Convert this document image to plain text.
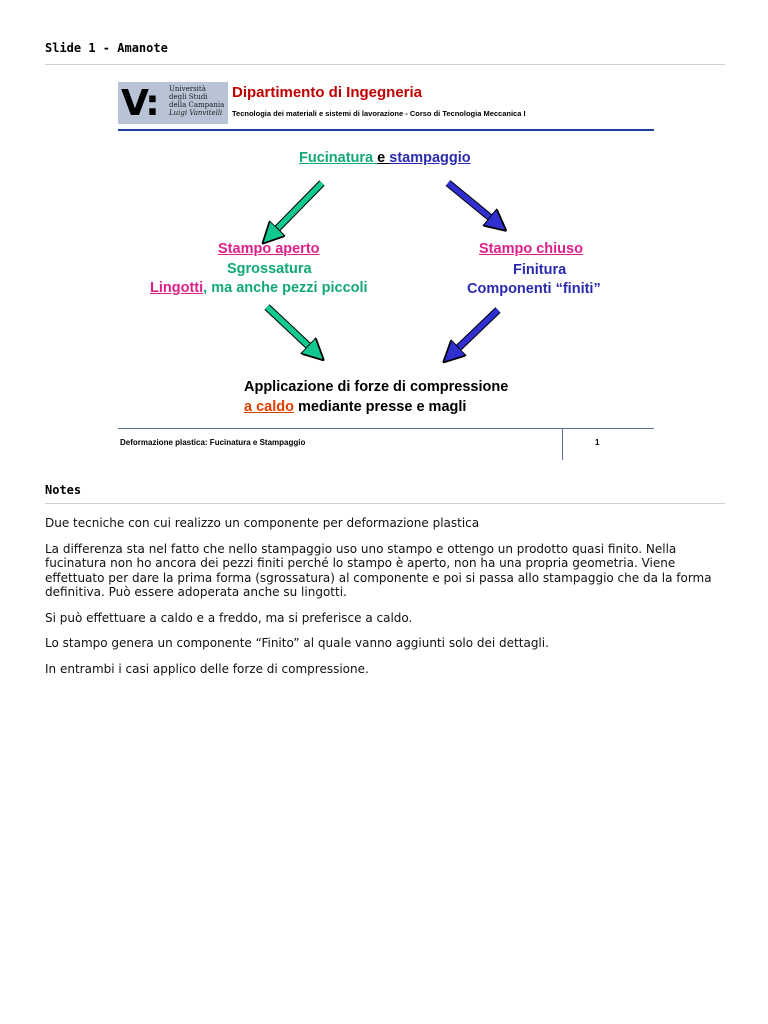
Slide 1 - Amanote
V: Università
degli Studi
della Campania
Luigi Vanvitelli
Dipartimento di Ingegneria
Tecnologia dei materiali e sistemi di lavorazione - Corso di Tecnologia Meccanica I
Fucinatura e stampaggio
Stampo aperto
Sgrossatura
Lingotti, ma anche pezzi piccoli
Stampo chiuso
Finitura
Componenti “finiti”
Applicazione di forze di compressione
a caldo mediante presse e magli
Deformazione plastica: Fucinatura e Stampaggio	1
Notes

Due tecniche con cui realizzo un componente per deformazione plastica

La differenza sta nel fatto che nello stampaggio uso uno stampo e ottengo un prodotto quasi finito. Nella fucinatura non ho ancora dei pezzi finiti perché lo stampo è aperto, non ha una propria geometria. Viene effettuato per dare la prima forma (sgrossatura) al componente e poi si passa allo stampaggio che da la forma definitiva. Può essere adoperata anche su lingotti.

Si può effettuare a caldo e a freddo, ma si preferisce a caldo.

Lo stampo genera un componente “Finito” al quale vanno aggiunti solo dei dettagli.

In entrambi i casi applico delle forze di compressione.
